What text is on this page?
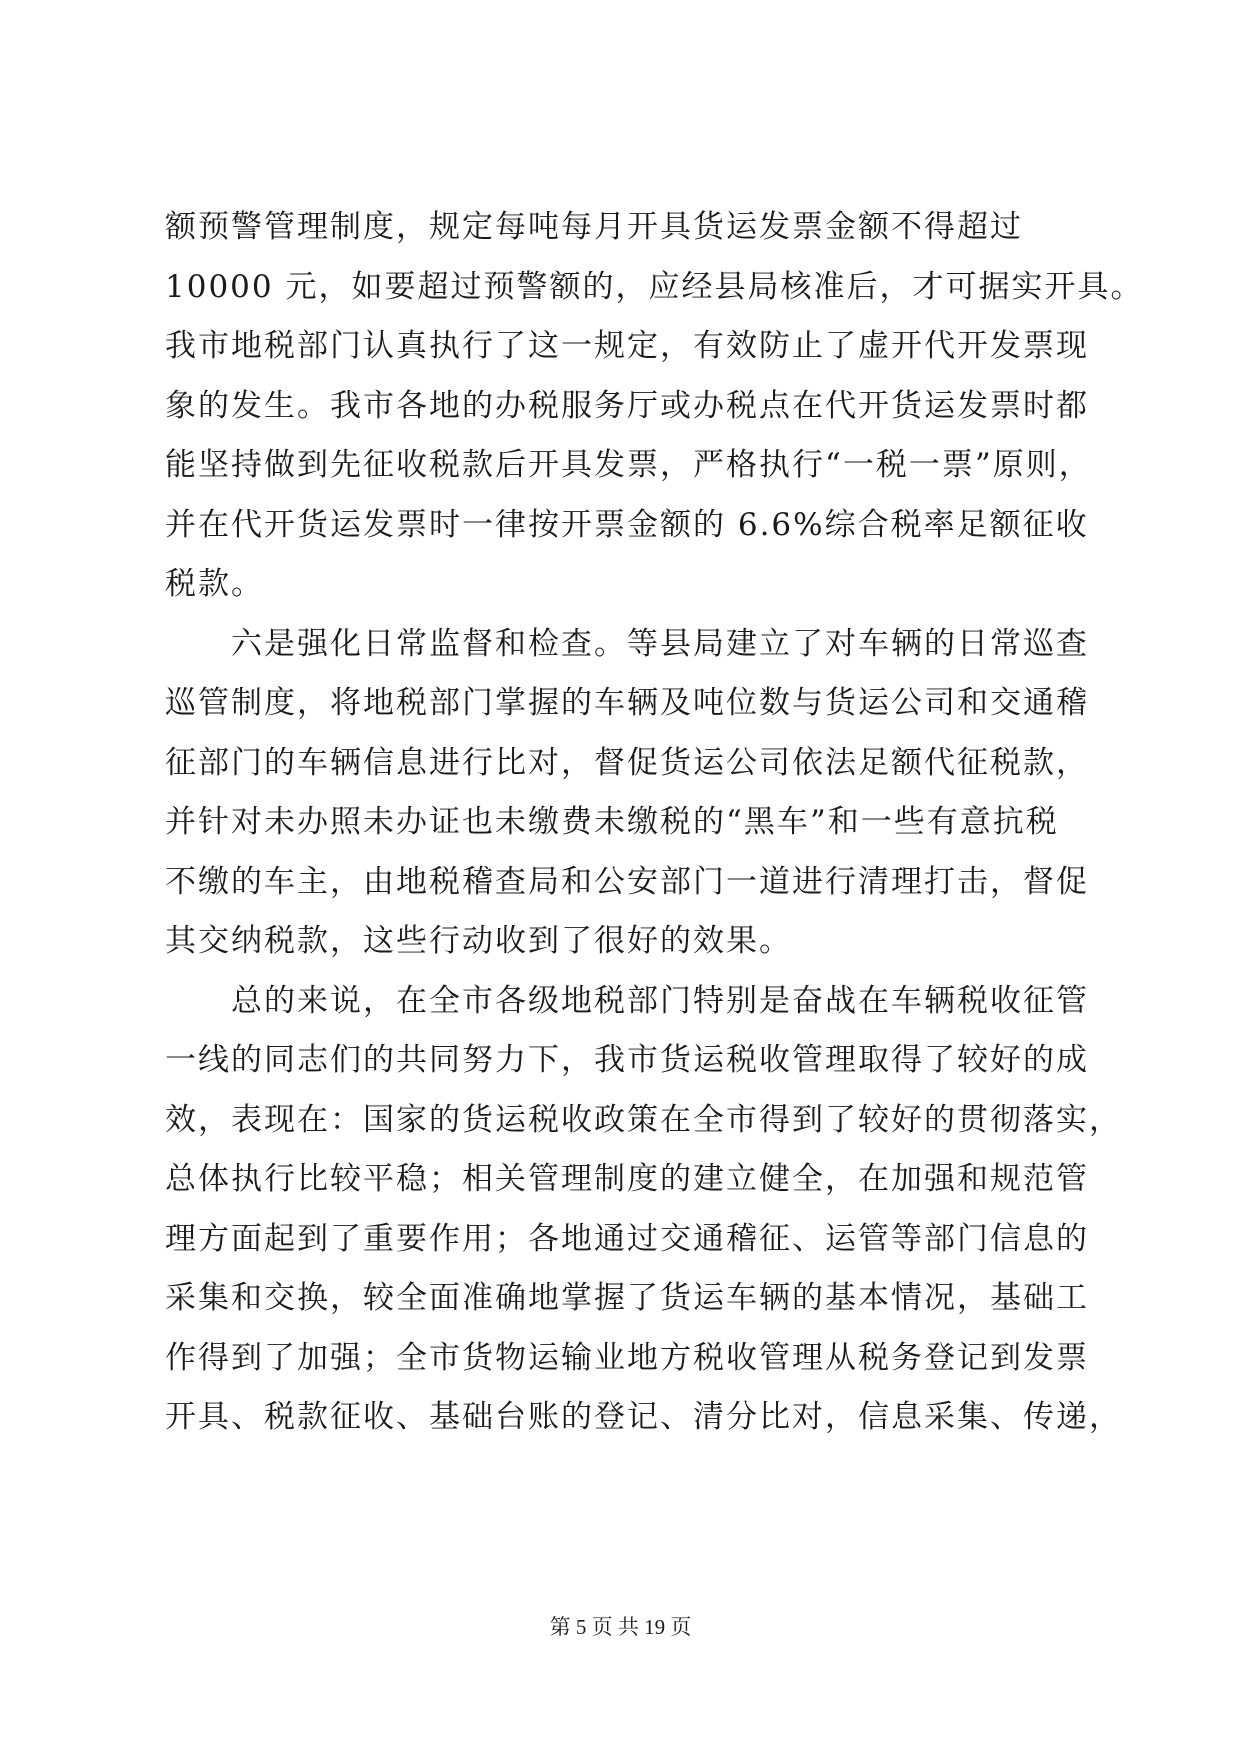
额预警管理制度，规定每吨每月开具货运发票金额不得超过
10000 元，如要超过预警额的，应经县局核准后，才可据实开具。
我市地税部门认真执行了这一规定，有效防止了虚开代开发票现
象的发生。我市各地的办税服务厅或办税点在代开货运发票时都
能坚持做到先征收税款后开具发票，严格执行“一税一票”原则，
并在代开货运发票时一律按开票金额的 6.6%综合税率足额征收
税款。
六是强化日常监督和检查。等县局建立了对车辆的日常巡查
巡管制度，将地税部门掌握的车辆及吨位数与货运公司和交通稽
征部门的车辆信息进行比对，督促货运公司依法足额代征税款，
并针对未办照未办证也未缴费未缴税的“黑车”和一些有意抗税
不缴的车主，由地税稽查局和公安部门一道进行清理打击，督促
其交纳税款，这些行动收到了很好的效果。
总的来说，在全市各级地税部门特别是奋战在车辆税收征管
一线的同志们的共同努力下，我市货运税收管理取得了较好的成
效，表现在：国家的货运税收政策在全市得到了较好的贯彻落实，
总体执行比较平稳；相关管理制度的建立健全，在加强和规范管
理方面起到了重要作用；各地通过交通稽征、运管等部门信息的
采集和交换，较全面准确地掌握了货运车辆的基本情况，基础工
作得到了加强；全市货物运输业地方税收管理从税务登记到发票
开具、税款征收、基础台账的登记、清分比对，信息采集、传递，
第 5 页 共 19 页
